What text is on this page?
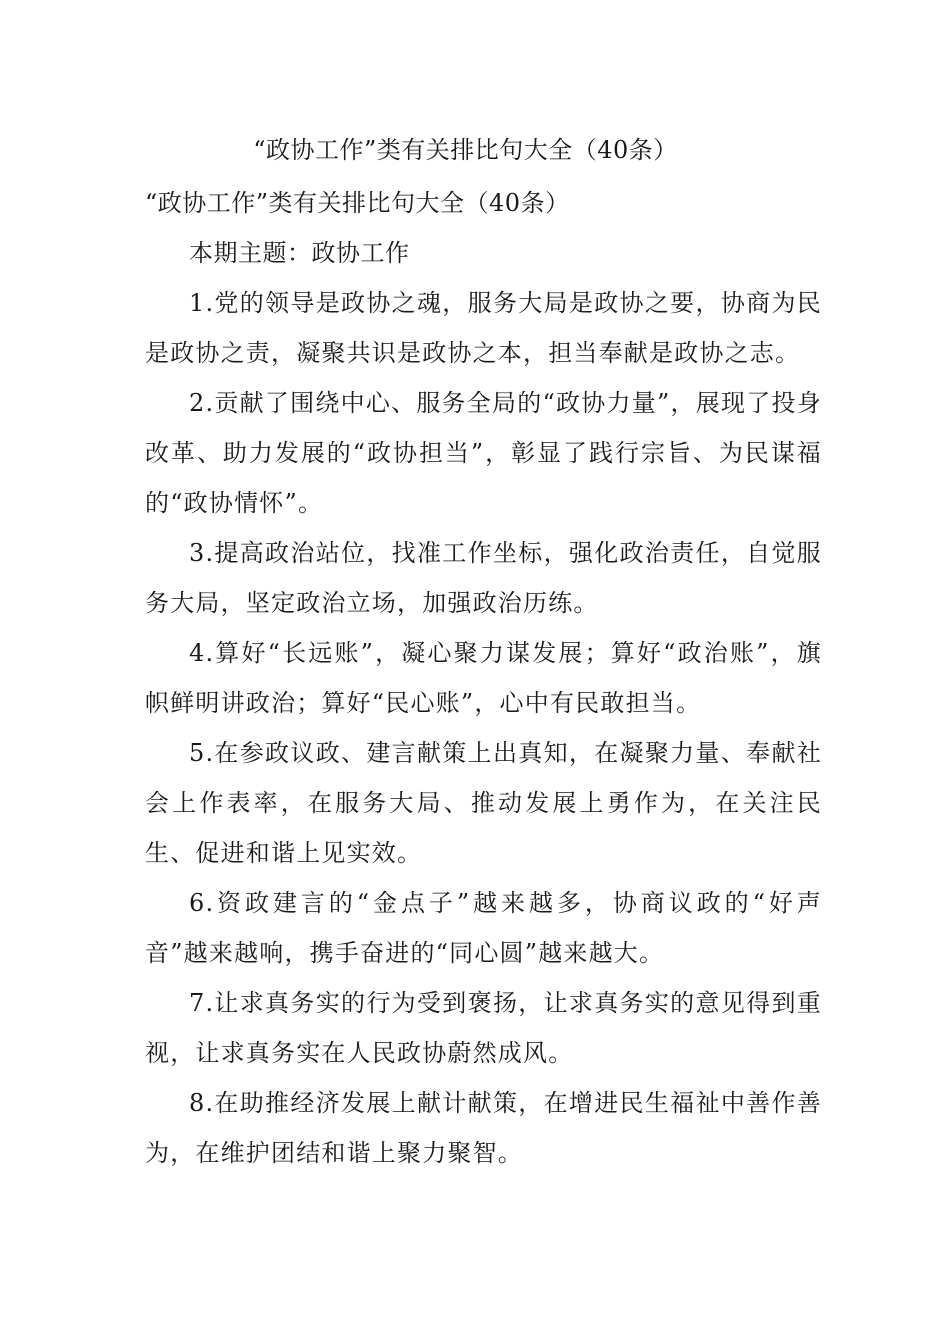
“政协工作”类有关排比句大全（40条）

“政协工作”类有关排比句大全（40条）

本期主题：政协工作

1.党的领导是政协之魂，服务大局是政协之要，协商为民是政协之责，凝聚共识是政协之本，担当奉献是政协之志。

2.贡献了围绕中心、服务全局的“政协力量”，展现了投身改革、助力发展的“政协担当”，彰显了践行宗旨、为民谋福的“政协情怀”。

3.提高政治站位，找准工作坐标，强化政治责任，自觉服务大局，坚定政治立场，加强政治历练。

4.算好“长远账”，凝心聚力谋发展；算好“政治账”，旗帜鲜明讲政治；算好“民心账”，心中有民敢担当。

5.在参政议政、建言献策上出真知，在凝聚力量、奉献社会上作表率，在服务大局、推动发展上勇作为，在关注民生、促进和谐上见实效。

6.资政建言的“金点子”越来越多，协商议政的“好声音”越来越响，携手奋进的“同心圆”越来越大。

7.让求真务实的行为受到褒扬，让求真务实的意见得到重视，让求真务实在人民政协蔚然成风。

8.在助推经济发展上献计献策，在增进民生福祉中善作善为，在维护团结和谐上聚力聚智。
